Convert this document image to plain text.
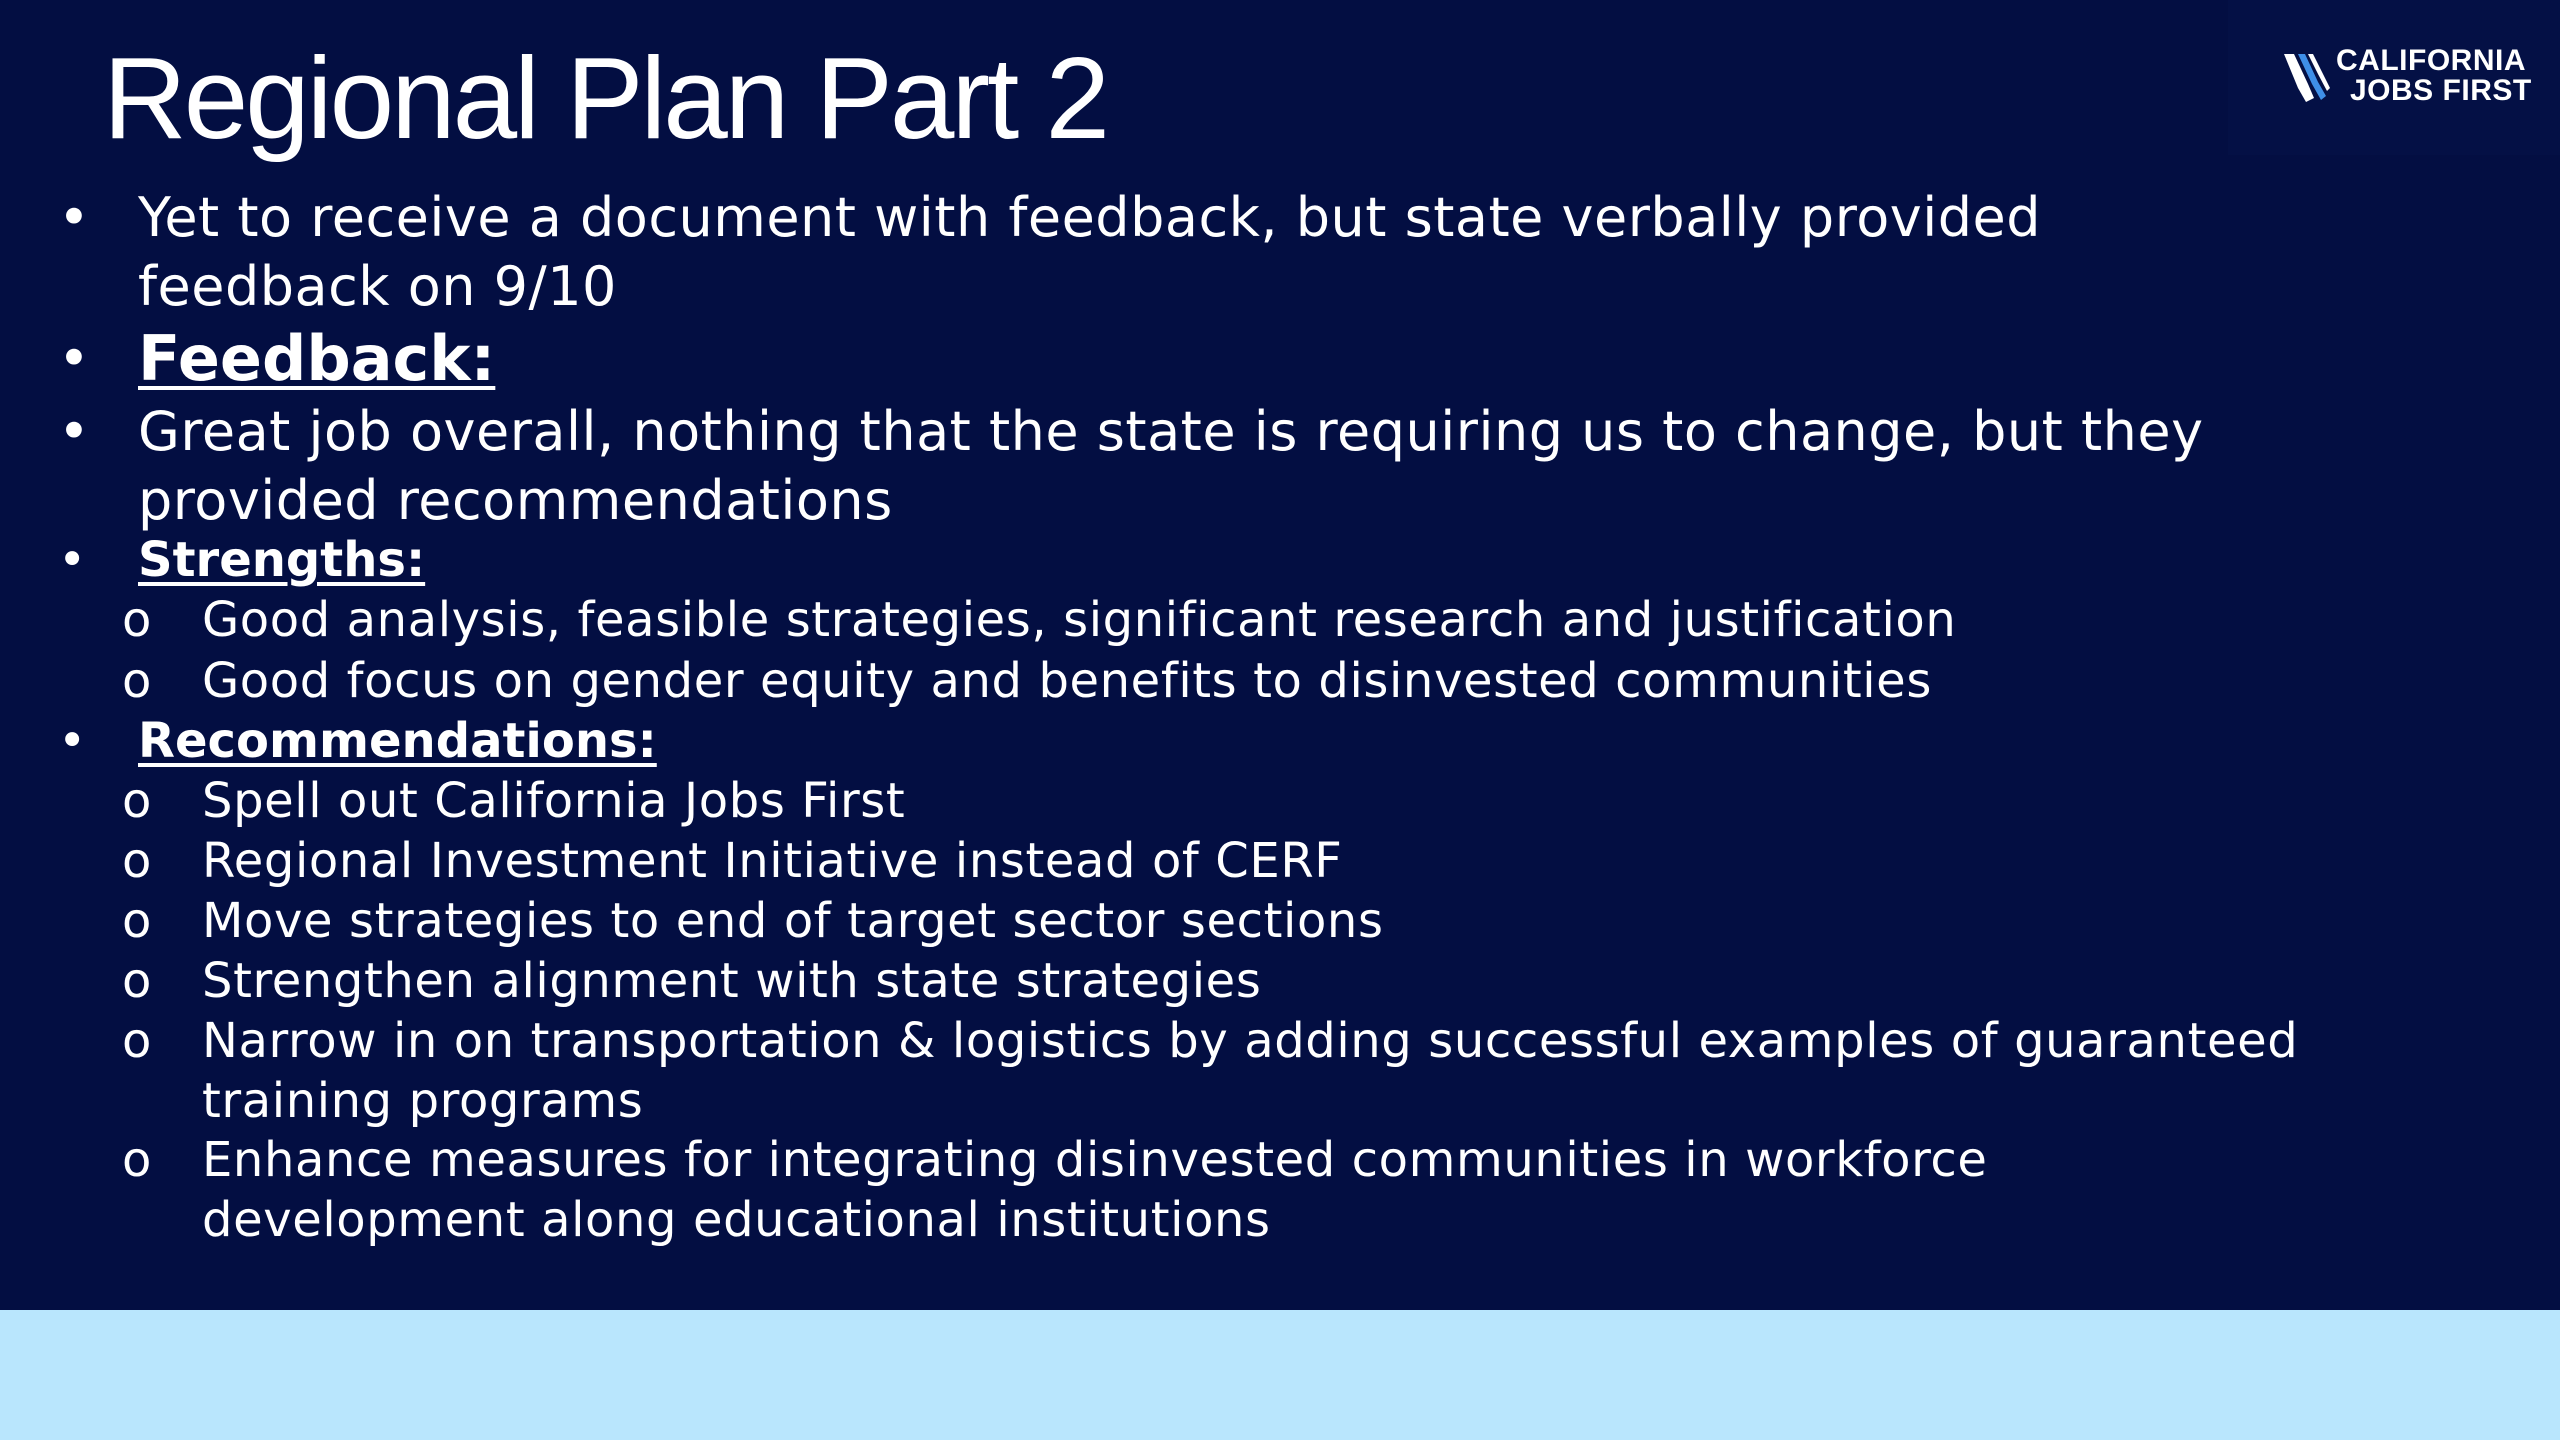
Regional Plan Part 2	CALIFORNIA
JOBS FIRST
• Yet to receive a document with feedback, but state verbally provided
feedback on 9/10
• Feedback:
• Great job overall, nothing that the state is requiring us to change, but they
provided recommendations
• Strengths:
o Good analysis, feasible strategies, significant research and justification
o Good focus on gender equity and benefits to disinvested communities
• Recommendations:
o Spell out California Jobs First
o Regional Investment Initiative instead of CERF
o Move strategies to end of target sector sections
o Strengthen alignment with state strategies
o Narrow in on transportation & logistics by adding successful examples of guaranteed
training programs
o Enhance measures for integrating disinvested communities in workforce
development along educational institutions
